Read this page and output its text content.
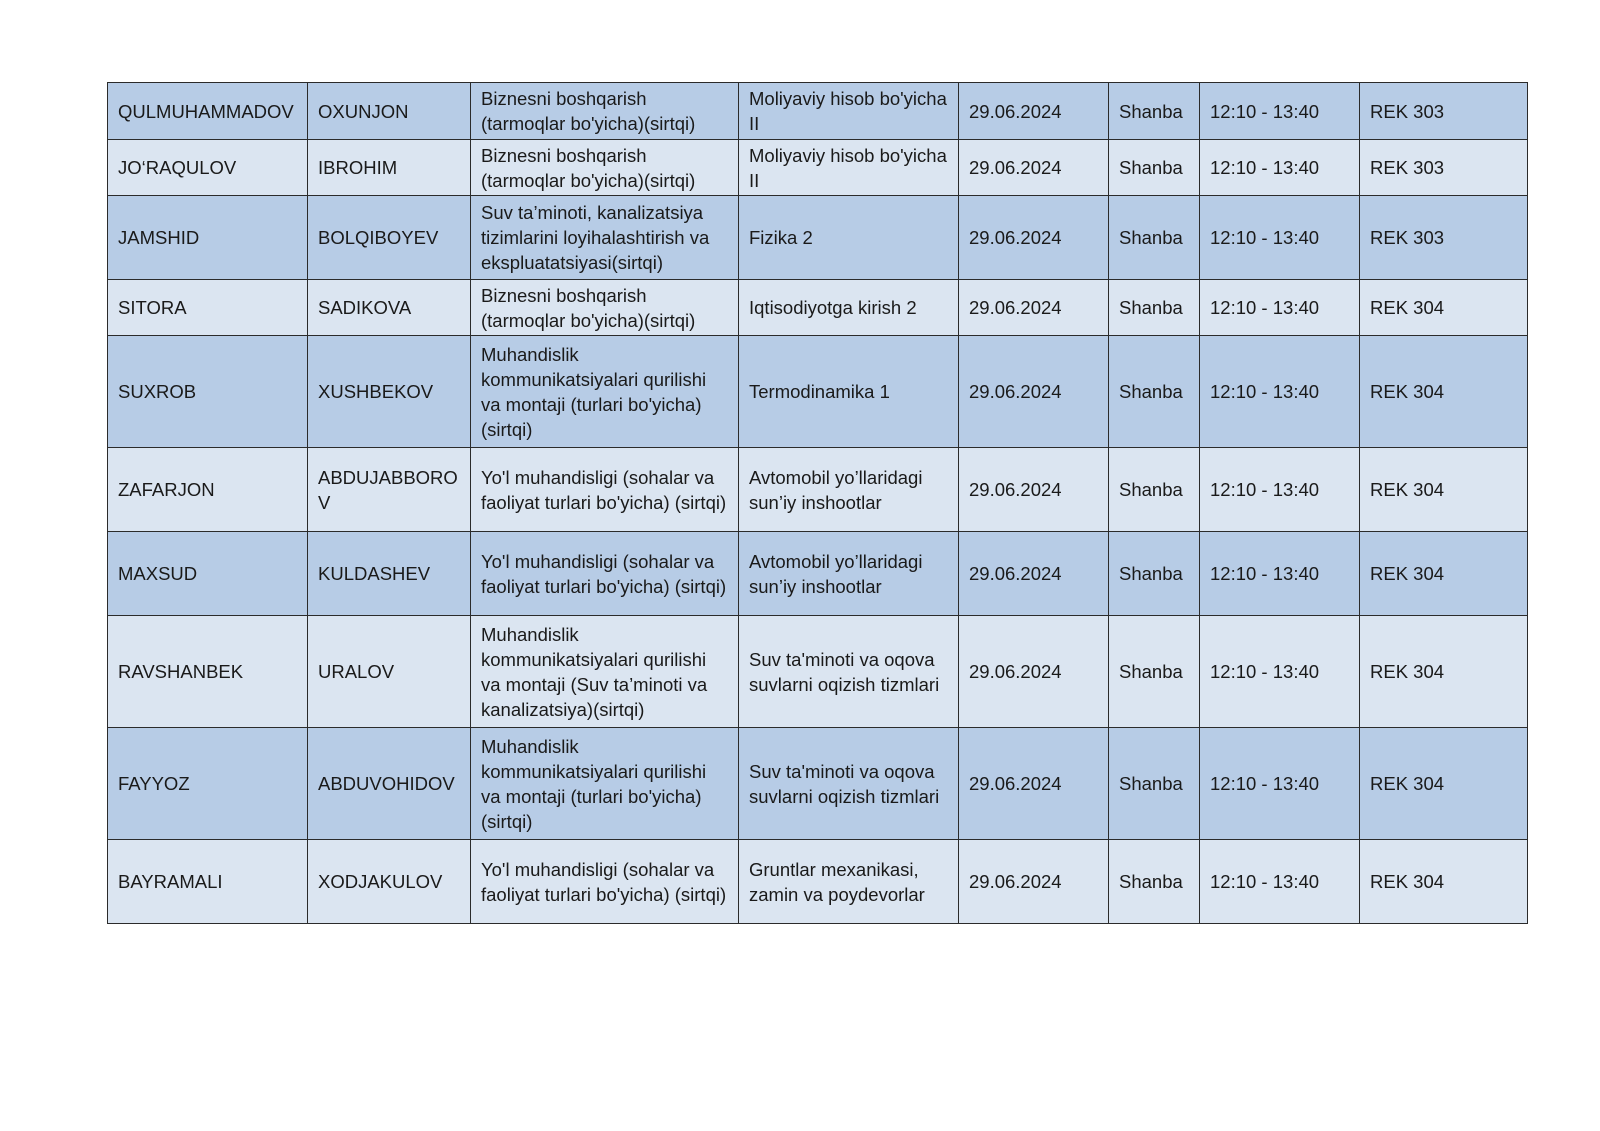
QULMUHAMMADOV	OXUNJON	Biznesni boshqarish (tarmoqlar bo'yicha)(sirtqi)	Moliyaviy hisob bo'yicha II	29.06.2024	Shanba	12:10 - 13:40	REK 303
JO‘RAQULOV	IBROHIM	Biznesni boshqarish (tarmoqlar bo'yicha)(sirtqi)	Moliyaviy hisob bo'yicha II	29.06.2024	Shanba	12:10 - 13:40	REK 303
JAMSHID	BOLQIBOYEV	Suv ta’minoti, kanalizatsiya tizimlarini loyihalashtirish va ekspluatatsiyasi(sirtqi)	Fizika 2	29.06.2024	Shanba	12:10 - 13:40	REK 303
SITORA	SADIKOVA	Biznesni boshqarish (tarmoqlar bo'yicha)(sirtqi)	Iqtisodiyotga kirish 2	29.06.2024	Shanba	12:10 - 13:40	REK 304
SUXROB	XUSHBEKOV	Muhandislik kommunikatsiyalari qurilishi va montaji (turlari bo'yicha)(sirtqi)	Termodinamika 1	29.06.2024	Shanba	12:10 - 13:40	REK 304
ZAFARJON	ABDUJABBOROV	Yo'l muhandisligi (sohalar va faoliyat turlari bo'yicha) (sirtqi)	Avtomobil yo’llaridagi sun’iy inshootlar	29.06.2024	Shanba	12:10 - 13:40	REK 304
MAXSUD	KULDASHEV	Yo'l muhandisligi (sohalar va faoliyat turlari bo'yicha) (sirtqi)	Avtomobil yo’llaridagi sun’iy inshootlar	29.06.2024	Shanba	12:10 - 13:40	REK 304
RAVSHANBEK	URALOV	Muhandislik kommunikatsiyalari qurilishi va montaji (Suv ta’minoti va kanalizatsiya)(sirtqi)	Suv ta'minoti va oqova suvlarni oqizish tizmlari	29.06.2024	Shanba	12:10 - 13:40	REK 304
FAYYOZ	ABDUVOHIDOV	Muhandislik kommunikatsiyalari qurilishi va montaji (turlari bo'yicha)(sirtqi)	Suv ta'minoti va oqova suvlarni oqizish tizmlari	29.06.2024	Shanba	12:10 - 13:40	REK 304
BAYRAMALI	XODJAKULOV	Yo'l muhandisligi (sohalar va faoliyat turlari bo'yicha) (sirtqi)	Gruntlar mexanikasi, zamin va poydevorlar	29.06.2024	Shanba	12:10 - 13:40	REK 304
